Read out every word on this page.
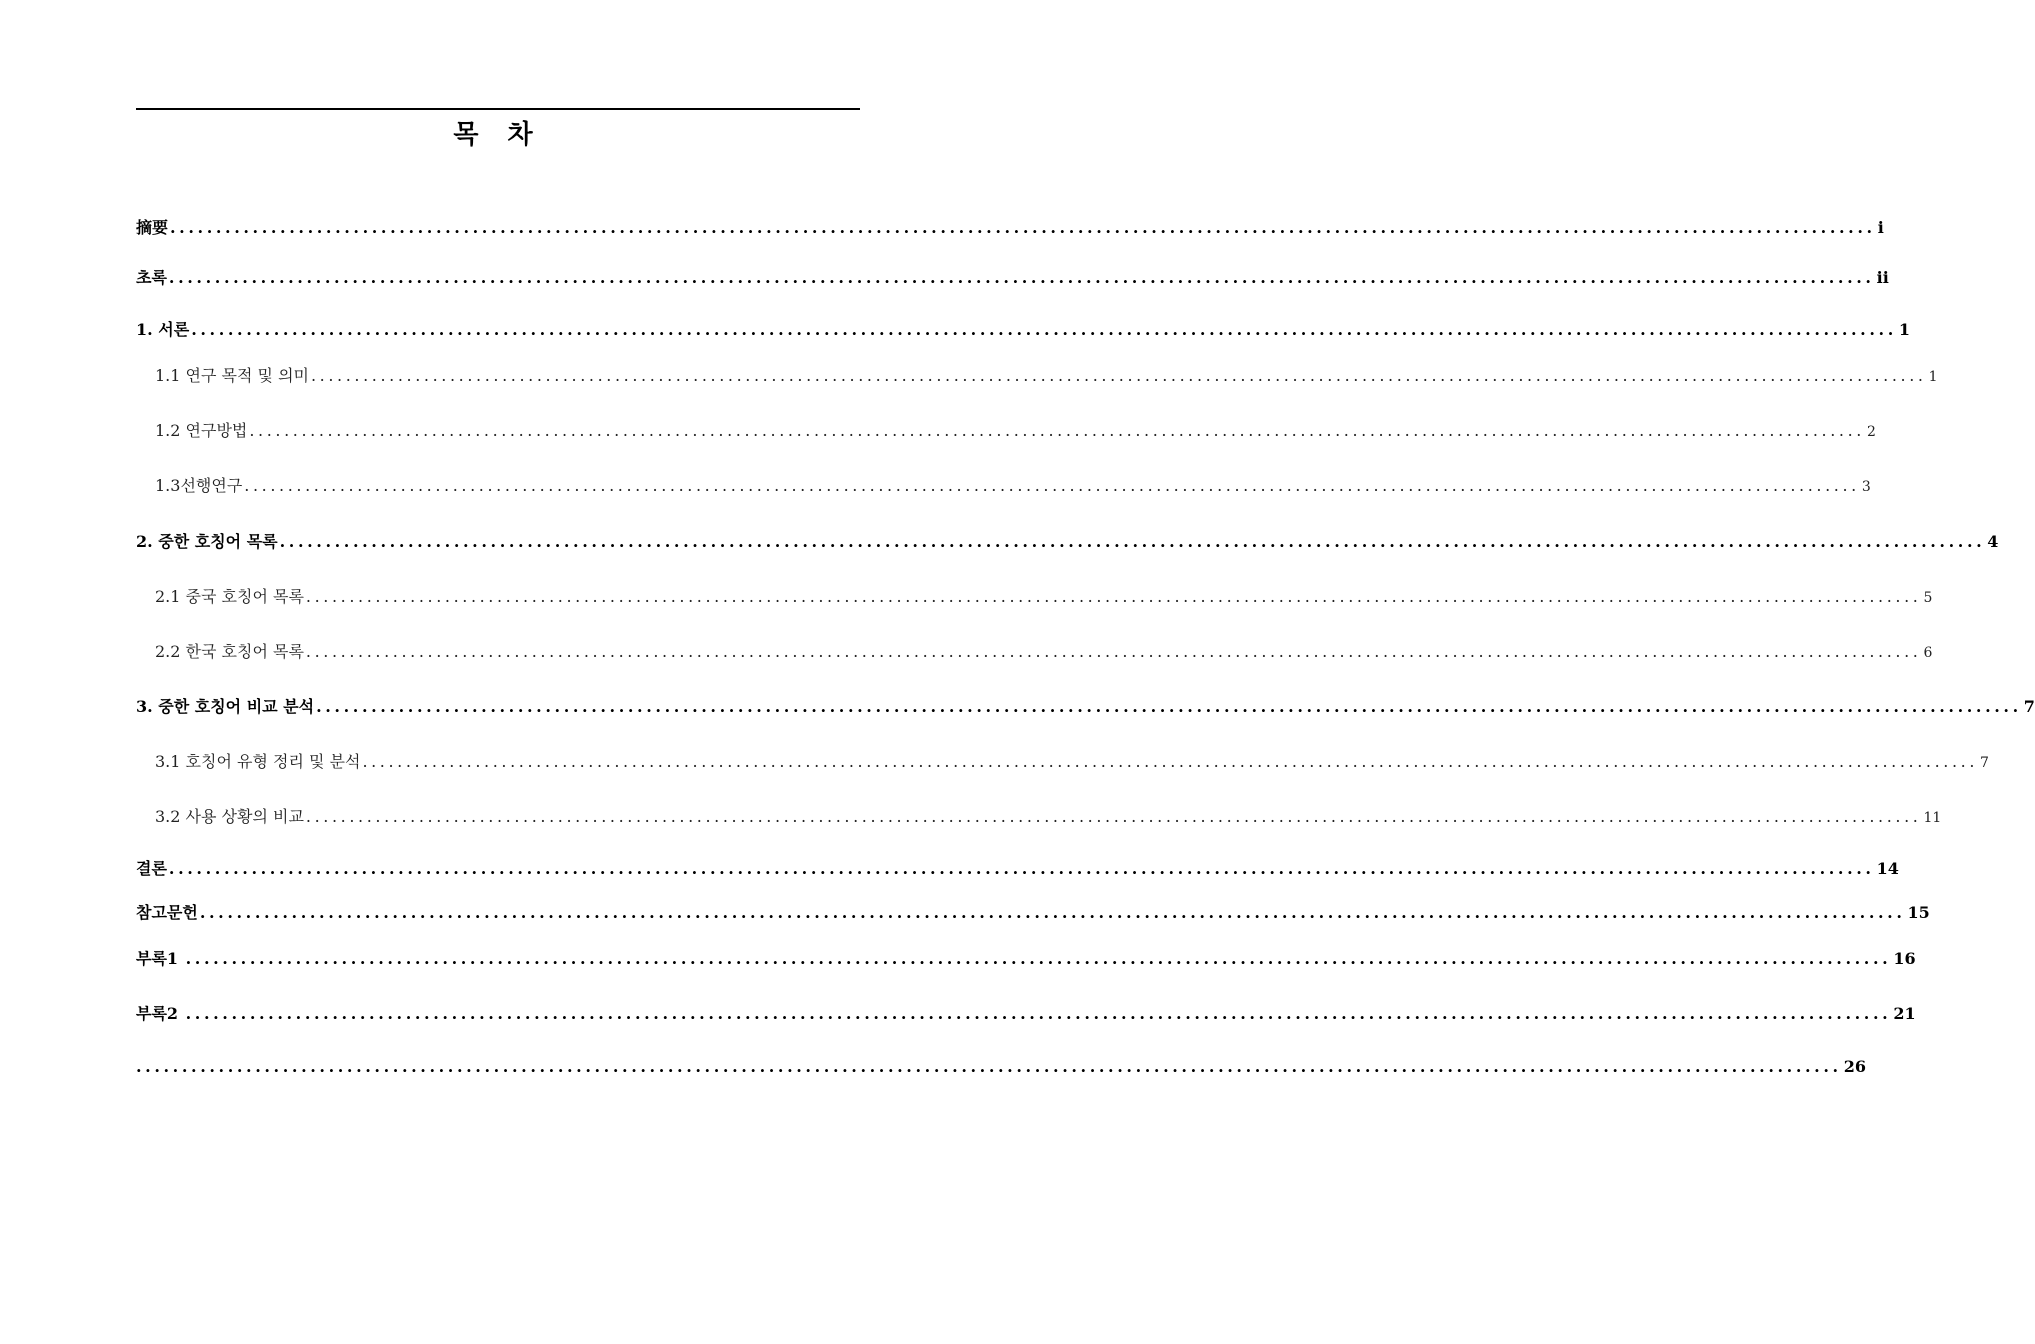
목 차
摘要 .......................................................................................................................................................................................... i
초록 .......................................................................................................................................................................................... ii
1. 서론 .......................................................................................................................................................................................... 1
1.1 연구 목적 및 의미 .......................................................................................................................................................................................... 1
1.2 연구방법 .......................................................................................................................................................................................... 2
1.3선행연구 .......................................................................................................................................................................................... 3
2. 중한 호칭어 목록 .......................................................................................................................................................................................... 4
2.1 중국 호칭어 목록 .......................................................................................................................................................................................... 5
2.2 한국 호칭어 목록 .......................................................................................................................................................................................... 6
3. 중한 호칭어 비교 분석 .......................................................................................................................................................................................... 7
3.1 호칭어 유형 정리 및 분석 .......................................................................................................................................................................................... 7
3.2 사용 상황의 비교 .......................................................................................................................................................................................... 11
결론 .......................................................................................................................................................................................... 14
참고문헌 .......................................................................................................................................................................................... 15
부록1 .......................................................................................................................................................................................... 16
부록2 .......................................................................................................................................................................................... 21
.......................................................................................................................................................................................... 26
